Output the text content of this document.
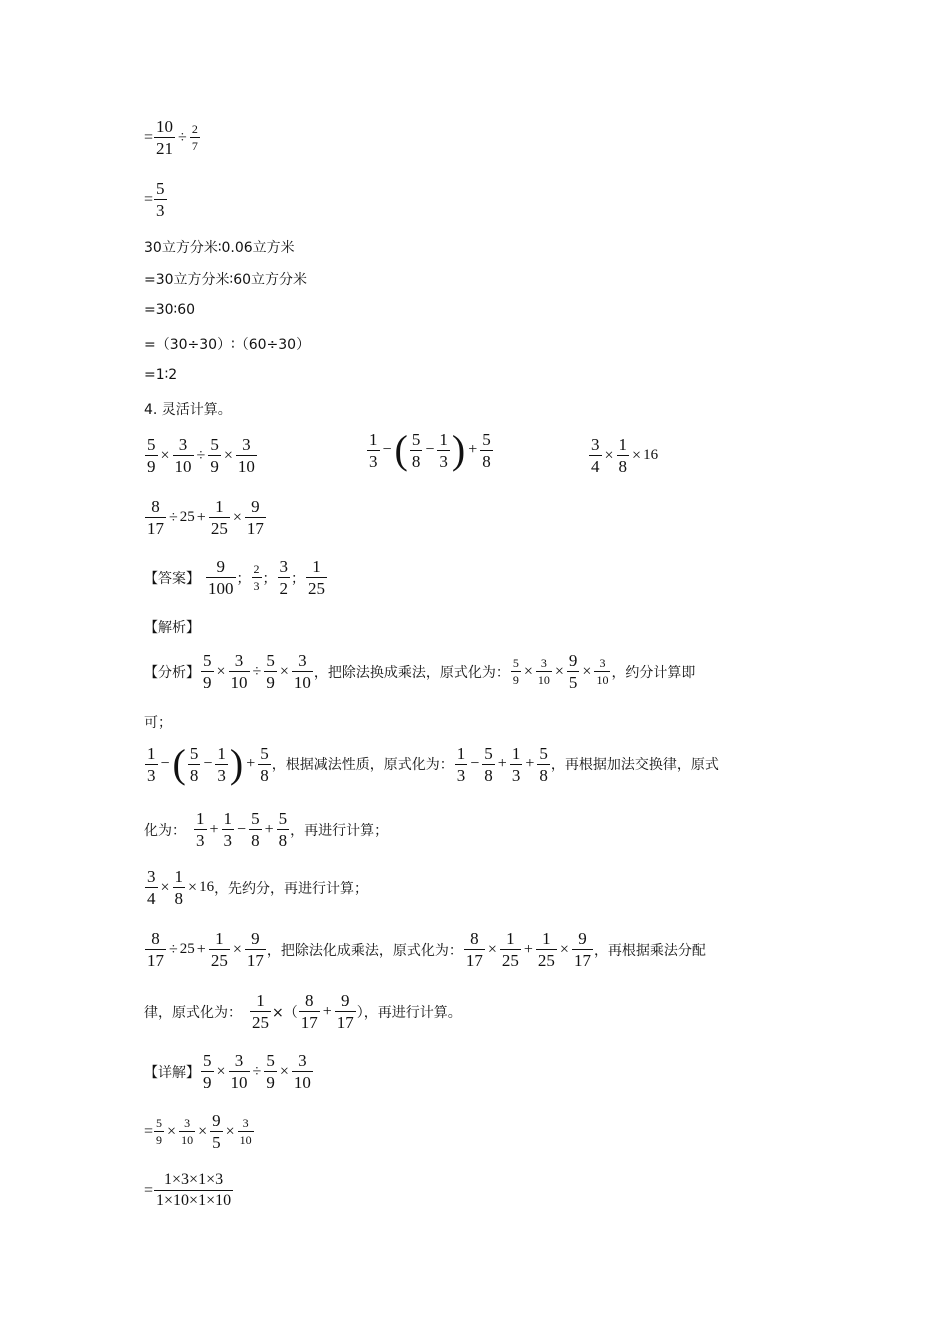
= $\frac{10}{21} \div \frac{2}{7}$
= $\frac{5}{3}$
30立方分米∶0.06立方米
=30立方分米∶60立方分米
=30∶60
=（30÷30）∶（60÷30）
=1∶2
4. 灵活计算。
$\frac{5}{9} \times \frac{3}{10} \div \frac{5}{9} \times \frac{3}{10}$	$\frac{1}{3}$ − ( $\frac{5}{8} - \frac{1}{3}$ ) + $\frac{5}{8}$	$\frac{3}{4} \times \frac{1}{8} \times 16$
$\frac{8}{17} \div 25 + \frac{1}{25} \times \frac{9}{17}$
【答案】 $\frac{9}{100}$ ； $\frac{2}{3}$ ； $\frac{3}{2}$ ； $\frac{1}{25}$
【解析】
【分析】 $\frac{5}{9} \times \frac{3}{10} \div \frac{5}{9} \times \frac{3}{10}$ ，把除法换成乘法，原式化为： $\frac{5}{9} \times \frac{3}{10} \times \frac{9}{5} \times \frac{3}{10}$ ，约分计算即
可；
$\frac{1}{3}$ − ( $\frac{5}{8} - \frac{1}{3}$ ) + $\frac{5}{8}$ ，根据减法性质，原式化为： $\frac{1}{3} - \frac{5}{8} + \frac{1}{3} + \frac{5}{8}$ ，再根据加法交换律，原式
化为： $\frac{1}{3} + \frac{1}{3} - \frac{5}{8} + \frac{5}{8}$ ，再进行计算；
$\frac{3}{4} \times \frac{1}{8} \times 16$ ，先约分，再进行计算；
$\frac{8}{17} \div 25 + \frac{1}{25} \times \frac{9}{17}$ ，把除法化成乘法，原式化为： $\frac{8}{17} \times \frac{1}{25} + \frac{1}{25} \times \frac{9}{17}$ ，再根据乘法分配
律，原式化为： $\frac{1}{25}$ ×（ $\frac{8}{17} + \frac{9}{17}$ ），再进行计算。
【详解】 $\frac{5}{9} \times \frac{3}{10} \div \frac{5}{9} \times \frac{3}{10}$
= $\frac{5}{9} \times \frac{3}{10} \times \frac{9}{5} \times \frac{3}{10}$
= $\frac{1\times 3\times 1\times 3}{1\times 10\times 1\times 10}$
